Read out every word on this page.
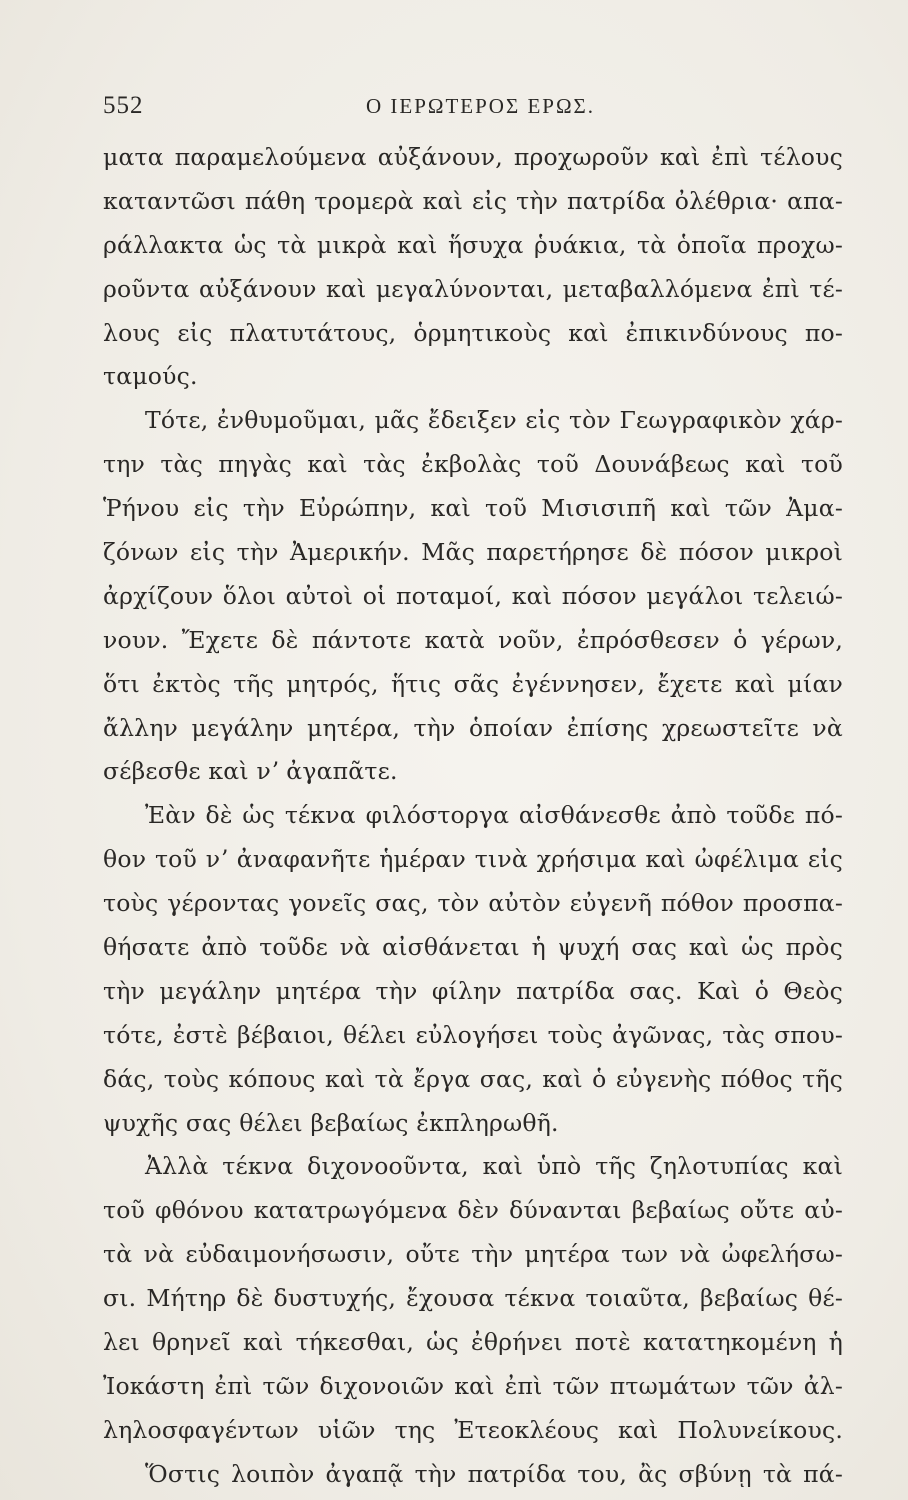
552	Ο ΙΕΡΩΤΕΡΟΣ ΕΡΩΣ.
ματα παραμελούμενα αὐξάνουν, προχωροῦν καὶ ἐπὶ τέλους
καταντῶσι πάθη τρομερὰ καὶ εἰς τὴν πατρίδα ὀλέθρια· απα-
ράλλακτα ὡς τὰ μικρὰ καὶ ἥσυχα ῥυάκια, τὰ ὁποῖα προχω-
ροῦντα αὐξάνουν καὶ μεγαλύνονται, μεταβαλλόμενα ἐπὶ τέ-
λους εἰς πλατυτάτους, ὁρμητικοὺς καὶ ἐπικινδύνους πο-
ταμούς.
Τότε, ἐνθυμοῦμαι, μᾶς ἔδειξεν εἰς τὸν Γεωγραφικὸν χάρ-
την τὰς πηγὰς καὶ τὰς ἐκβολὰς τοῦ Δουνάβεως καὶ τοῦ
Ῥήνου εἰς τὴν Εὐρώπην, καὶ τοῦ Μισισιπῆ καὶ τῶν Ἀμα-
ζόνων εἰς τὴν Ἀμερικήν. Μᾶς παρετήρησε δὲ πόσον μικροὶ
ἀρχίζουν ὅλοι αὐτοὶ οἱ ποταμοί, καὶ πόσον μεγάλοι τελειώ-
νουν. Ἔχετε δὲ πάντοτε κατὰ νοῦν, ἐπρόσθεσεν ὁ γέρων,
ὅτι ἐκτὸς τῆς μητρός, ἥτις σᾶς ἐγέννησεν, ἔχετε καὶ μίαν
ἄλλην μεγάλην μητέρα, τὴν ὁποίαν ἐπίσης χρεωστεῖτε νὰ
σέβεσθε καὶ νʼ ἀγαπᾶτε.
Ἐὰν δὲ ὡς τέκνα φιλόστοργα αἰσθάνεσθε ἀπὸ τοῦδε πό-
θον τοῦ νʼ ἀναφανῆτε ἡμέραν τινὰ χρήσιμα καὶ ὠφέλιμα εἰς
τοὺς γέροντας γονεῖς σας, τὸν αὐτὸν εὐγενῆ πόθον προσπα-
θήσατε ἀπὸ τοῦδε νὰ αἰσθάνεται ἡ ψυχή σας καὶ ὡς πρὸς
τὴν μεγάλην μητέρα τὴν φίλην πατρίδα σας. Καὶ ὁ Θεὸς
τότε, ἐστὲ βέβαιοι, θέλει εὐλογήσει τοὺς ἀγῶνας, τὰς σπου-
δάς, τοὺς κόπους καὶ τὰ ἔργα σας, καὶ ὁ εὐγενὴς πόθος τῆς
ψυχῆς σας θέλει βεβαίως ἐκπληρωθῆ.
Ἀλλὰ τέκνα διχονοοῦντα, καὶ ὑπὸ τῆς ζηλοτυπίας καὶ
τοῦ φθόνου κατατρωγόμενα δὲν δύνανται βεβαίως οὔτε αὐ-
τὰ νὰ εὐδαιμονήσωσιν, οὔτε τὴν μητέρα των νὰ ὠφελήσω-
σι. Μήτηρ δὲ δυστυχής, ἔχουσα τέκνα τοιαῦτα, βεβαίως θέ-
λει θρηνεῖ καὶ τήκεσθαι, ὡς ἐθρήνει ποτὲ κατατηκομένη ἡ
Ἰοκάστη ἐπὶ τῶν διχονοιῶν καὶ ἐπὶ τῶν πτωμάτων τῶν ἀλ-
ληλοσφαγέντων υἱῶν της Ἐτεοκλέους καὶ Πολυνείκους.
Ὅστις λοιπὸν ἀγαπᾷ τὴν πατρίδα του, ἂς σβύνῃ τὰ πά-
